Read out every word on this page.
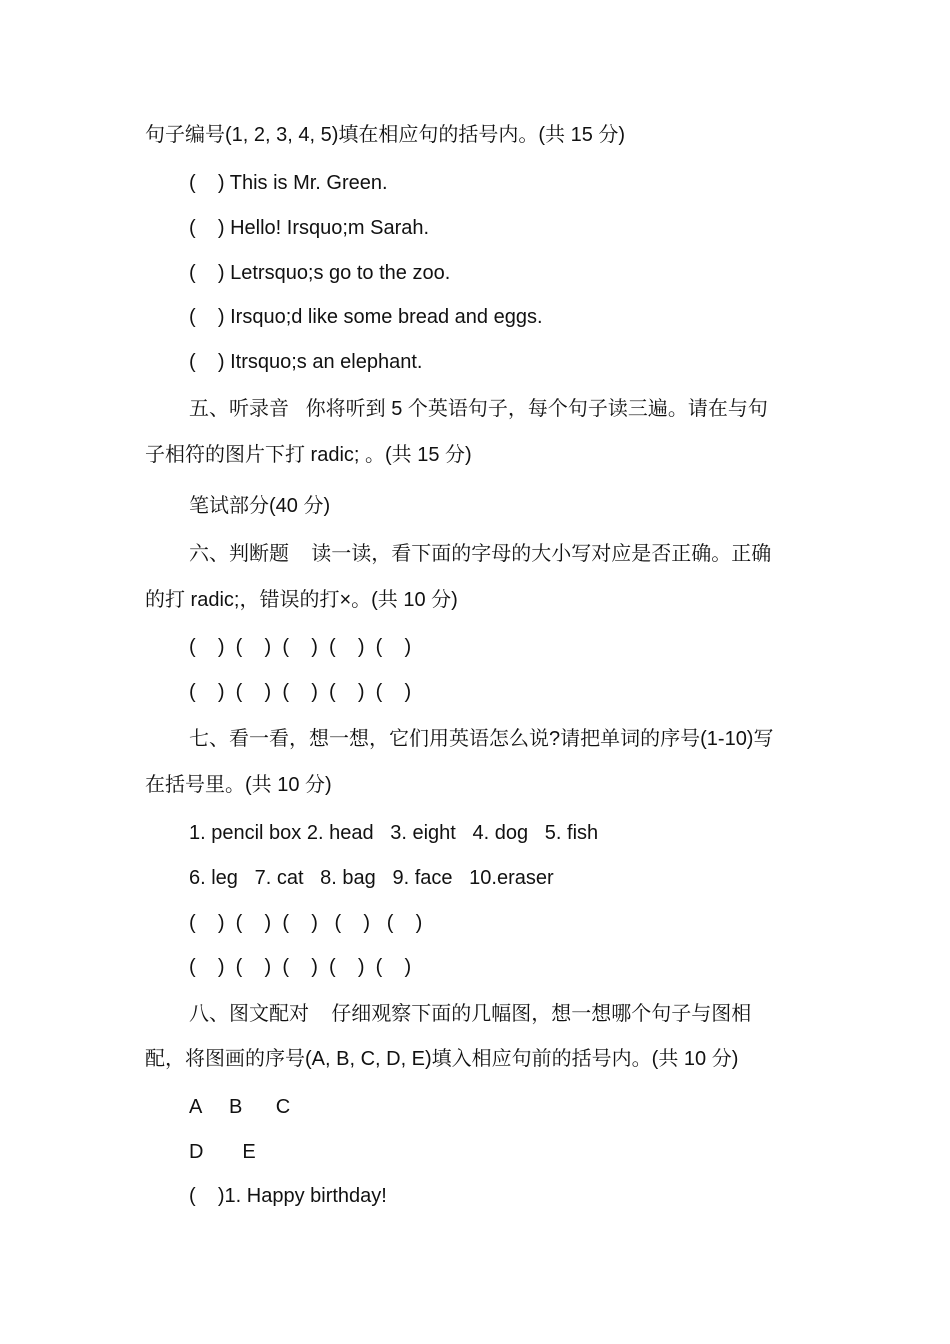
句子编号(1, 2, 3, 4, 5)填在相应句的括号内。(共 15 分)
(    ) This is Mr. Green.
(    ) Hello! Irsquo;m Sarah.
(    ) Letrsquo;s go to the zoo.
(    ) Irsquo;d like some bread and eggs.
(    ) Itrsquo;s an elephant.
五、听录音   你将听到 5 个英语句子，每个句子读三遍。请在与句
子相符的图片下打 radic; 。(共 15 分)
笔试部分(40 分)
六、判断题    读一读，看下面的字母的大小写对应是否正确。正确
的打 radic;，错误的打×。(共 10 分)
(    )  (    )  (    )  (    )  (    )
(    )  (    )  (    )  (    )  (    )
七、看一看，想一想，它们用英语怎么说?请把单词的序号(1-10)写
在括号里。(共 10 分)
1. pencil box 2. head   3. eight   4. dog   5. fish
6. leg   7. cat   8. bag   9. face   10.eraser
(    )  (    )  (    )   (    )   (    )
(    )  (    )  (    )  (    )  (    )
八、图文配对    仔细观察下面的几幅图，想一想哪个句子与图相
配，将图画的序号(A, B, C, D, E)填入相应句前的括号内。(共 10 分)
A     B      C
D       E
(    )1. Happy birthday!
